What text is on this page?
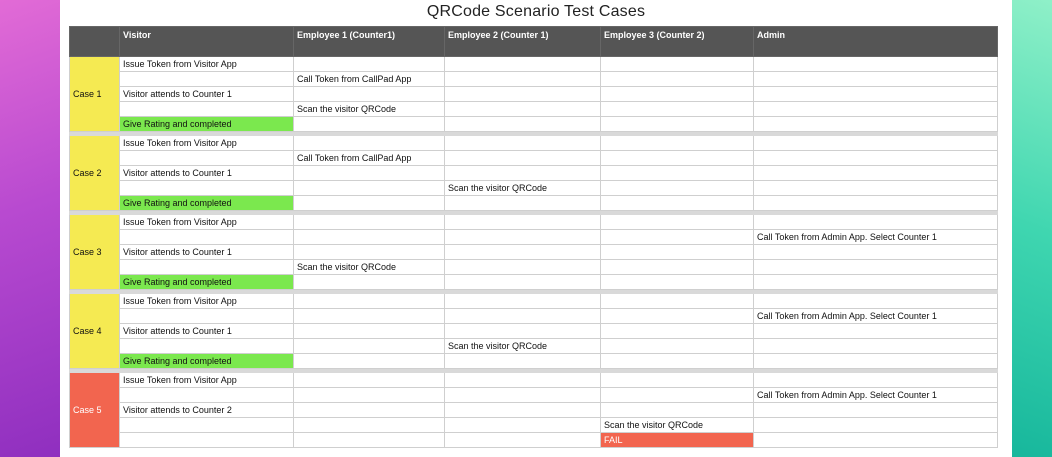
QRCode Scenario Test Cases
	Visitor	Employee 1 (Counter1)	Employee 2 (Counter 1)	Employee 3 (Counter 2)	Admin
Case 1	Issue Token from Visitor App				
		Call Token from CallPad App			
	Visitor attends to Counter 1				
		Scan the visitor QRCode			
	Give Rating and completed				

Case 2	Issue Token from Visitor App				
		Call Token from CallPad App			
	Visitor attends to Counter 1				
			Scan the visitor QRCode		
	Give Rating and completed				

Case 3	Issue Token from Visitor App				
					Call Token from Admin App. Select Counter 1
	Visitor attends to Counter 1				
		Scan the visitor QRCode			
	Give Rating and completed				

Case 4	Issue Token from Visitor App				
					Call Token from Admin App. Select Counter 1
	Visitor attends to Counter 1				
			Scan the visitor QRCode		
	Give Rating and completed				

Case 5	Issue Token from Visitor App				
					Call Token from Admin App. Select Counter 1
	Visitor attends to Counter 2				
				Scan the visitor QRCode	
				FAIL	
